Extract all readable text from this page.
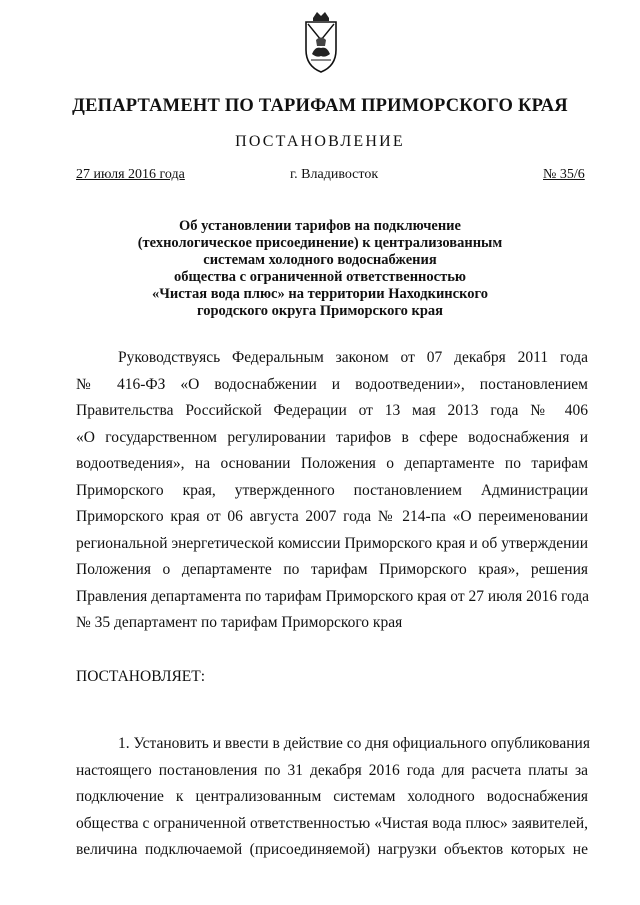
ДЕПАРТАМЕНТ ПО ТАРИФАМ ПРИМОРСКОГО КРАЯ
ПОСТАНОВЛЕНИЕ
27 июля 2016 года	г. Владивосток	№ 35/6
Об установлении тарифов на подключение
(технологическое присоединение) к централизованным
системам холодного водоснабжения
общества с ограниченной ответственностью
«Чистая вода плюс» на территории Находкинского
городского округа Приморского края
Руководствуясь Федеральным законом от 07 декабря 2011 года
№ 416-ФЗ «О водоснабжении и водоотведении», постановлением
Правительства Российской Федерации от 13 мая 2013 года № 406
«О государственном регулировании тарифов в сфере водоснабжения и
водоотведения», на основании Положения о департаменте по тарифам
Приморского края, утвержденного постановлением Администрации
Приморского края от 06 августа 2007 года № 214-па «О переименовании
региональной энергетической комиссии Приморского края и об утверждении
Положения о департаменте по тарифам Приморского края», решения
Правления департамента по тарифам Приморского края от 27 июля 2016 года
№ 35 департамент по тарифам Приморского края
ПОСТАНОВЛЯЕТ:
1. Установить и ввести в действие со дня официального опубликования
настоящего постановления по 31 декабря 2016 года для расчета платы за
подключение к централизованным системам холодного водоснабжения
общества с ограниченной ответственностью «Чистая вода плюс» заявителей,
величина подключаемой (присоединяемой) нагрузки объектов которых не
